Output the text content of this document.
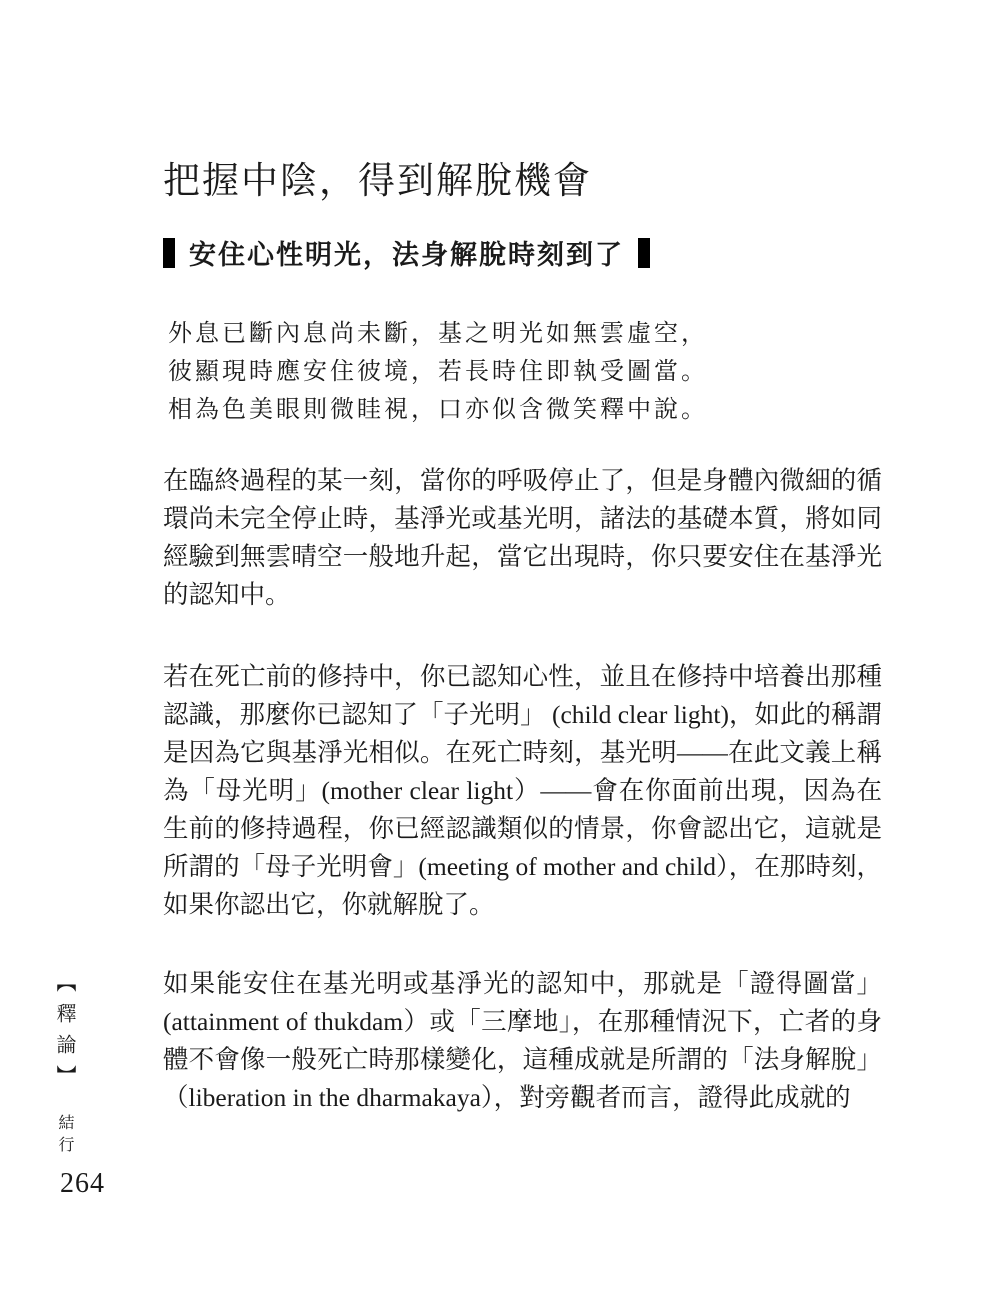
把握中陰，得到解脫機會
安住心性明光，法身解脫時刻到了
外息已斷內息尚未斷，基之明光如無雲虛空，
彼顯現時應安住彼境，若長時住即執受圖當。
相為色美眼則微眭視，口亦似含微笑釋中說。

在臨終過程的某一刻，當你的呼吸停止了，但是身體內微細的循環尚未完全停止時，基淨光或基光明，諸法的基礎本質，將如同經驗到無雲晴空一般地升起，當它出現時，你只要安住在基淨光的認知中。

若在死亡前的修持中，你已認知心性，並且在修持中培養出那種認識，那麼你已認知了「子光明」 (child clear light)，如此的稱謂是因為它與基淨光相似。在死亡時刻，基光明——在此文義上稱為「母光明」(mother clear light）——會在你面前出現，因為在生前的修持過程，你已經認識類似的情景，你會認出它，這就是所謂的「母子光明會」(meeting of mother and child），在那時刻，如果你認出它，你就解脫了。

如果能安住在基光明或基淨光的認知中，那就是「證得圖當」(attainment of thukdam）或「三摩地」，在那種情況下，亡者的身體不會像一般死亡時那樣變化，這種成就是所謂的「法身解脫」（liberation in the dharmakaya），對旁觀者而言，證得此成就的

【釋論】 結行
264
